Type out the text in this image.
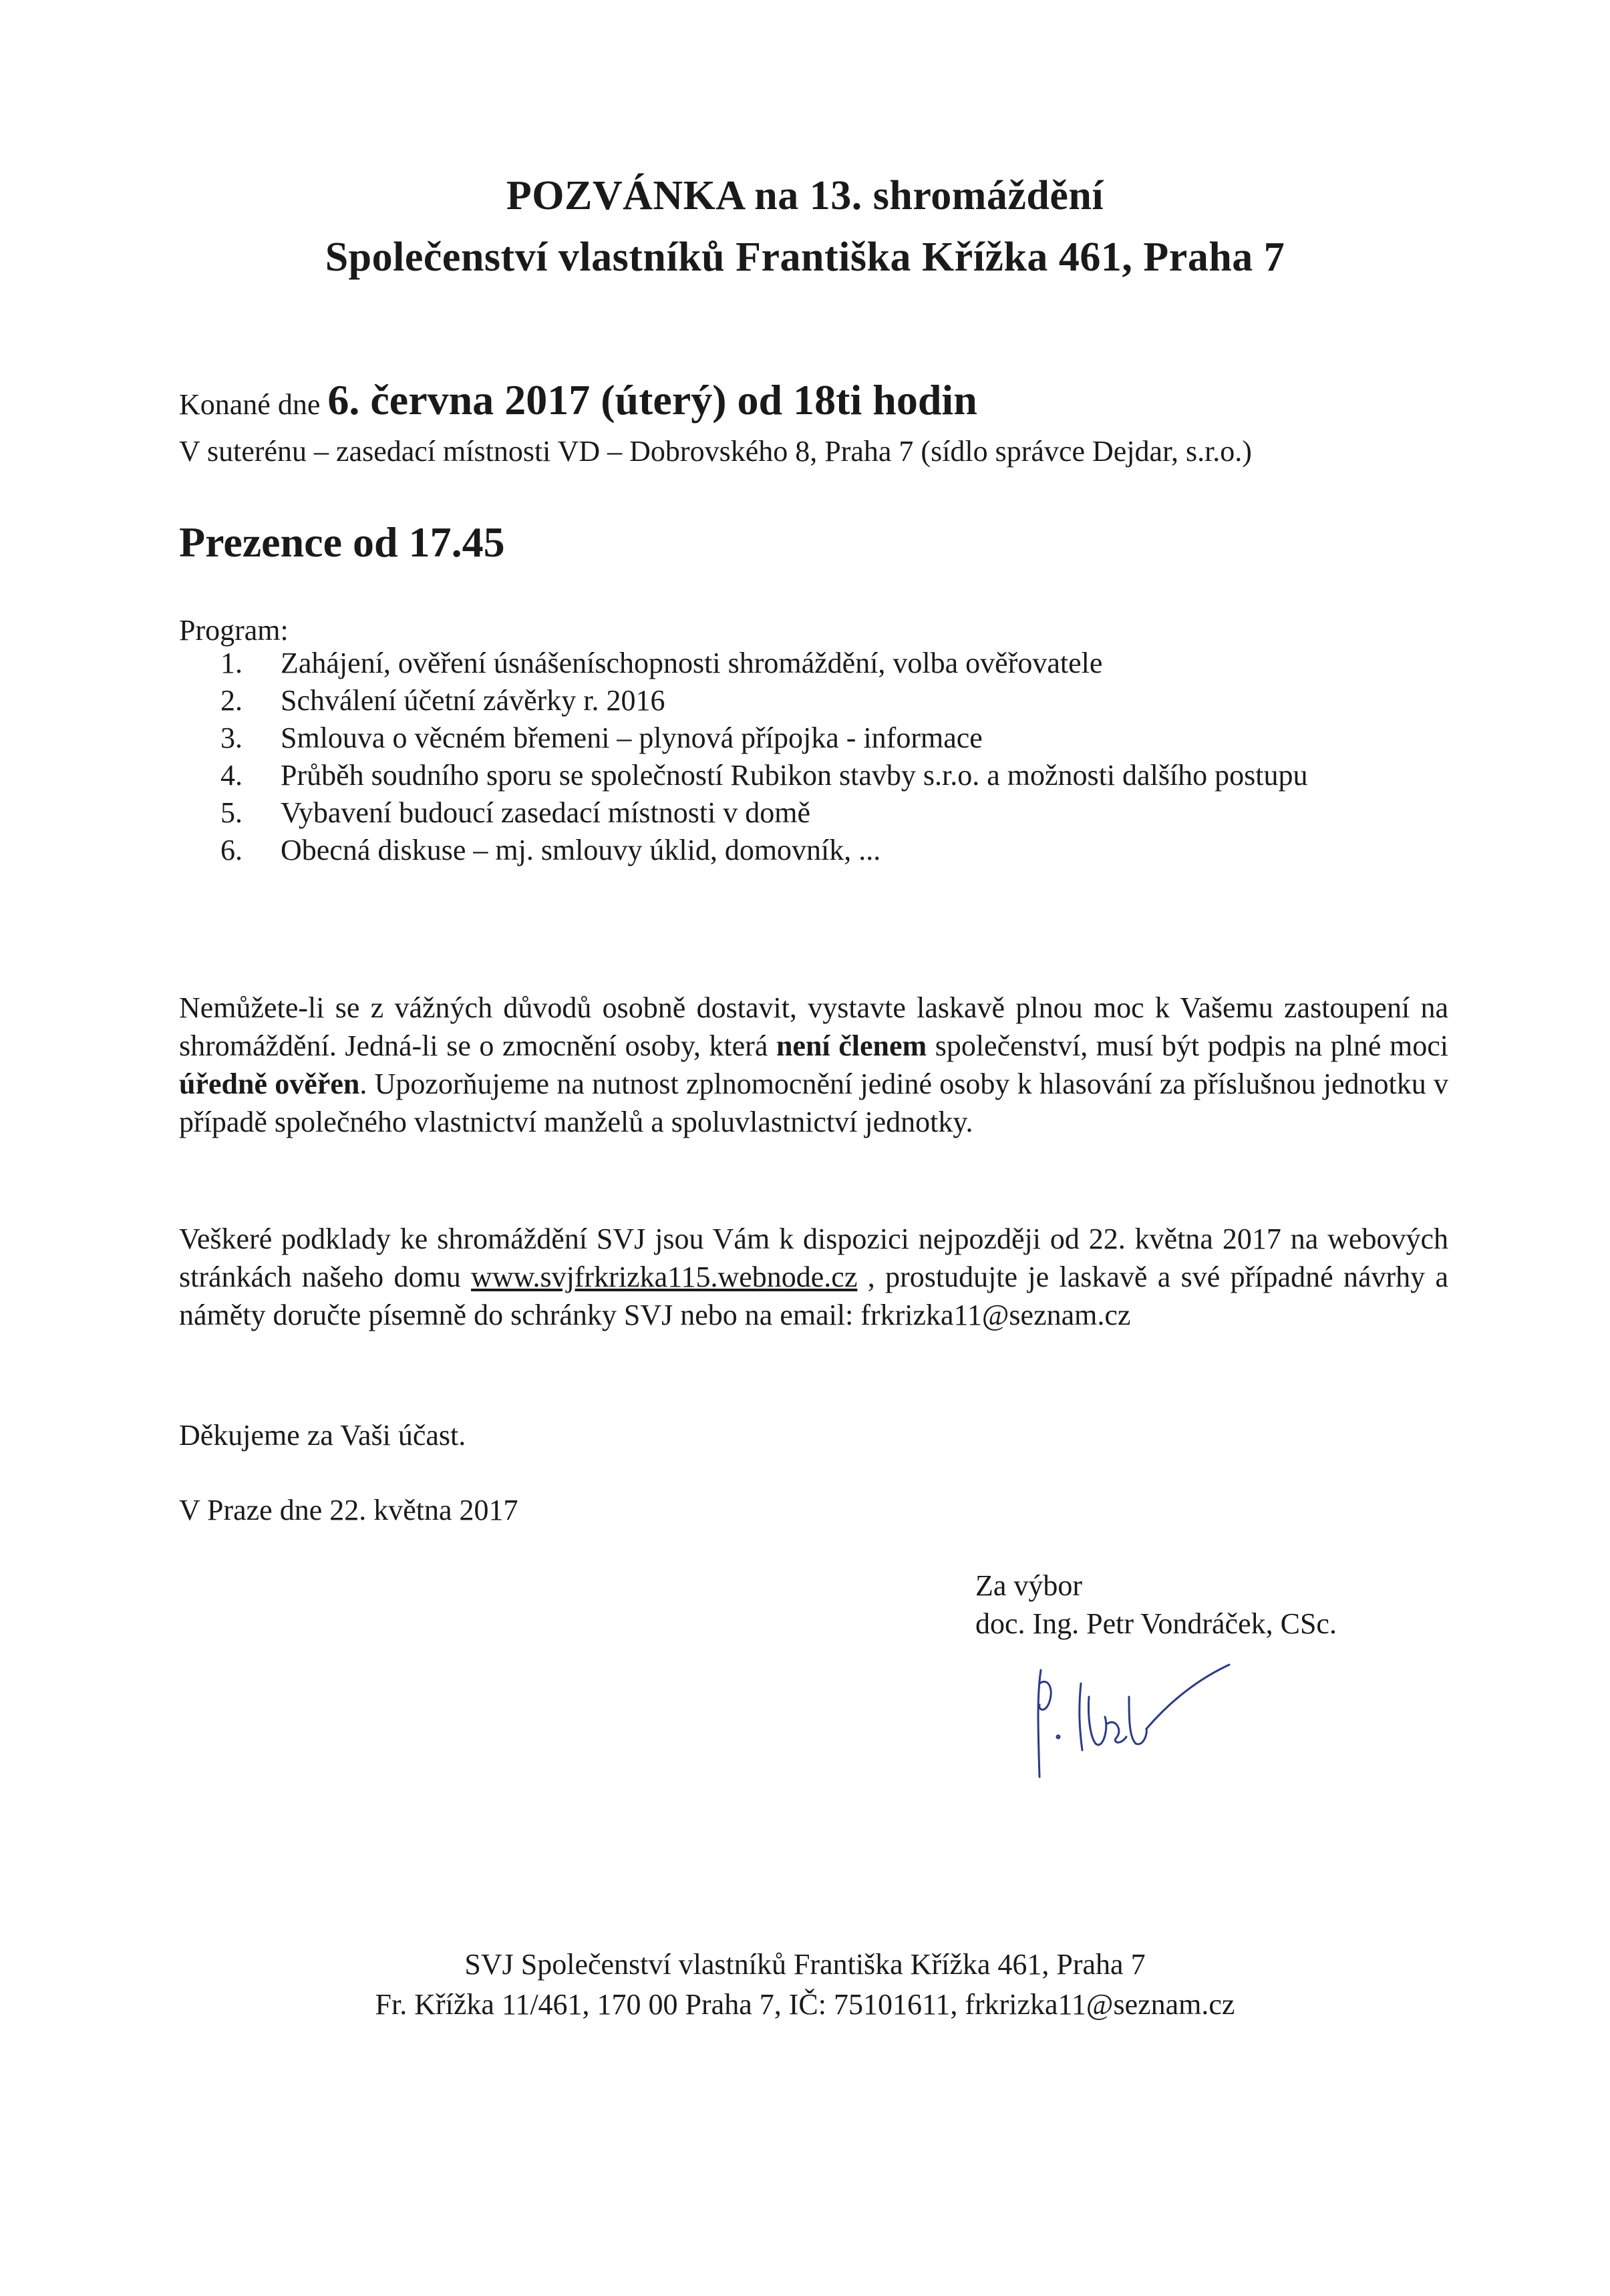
POZVÁNKA na 13. shromáždění
Společenství vlastníků Františka Křížka 461, Praha 7
Konané dne 6. června 2017 (úterý) od 18ti hodin
V suterénu – zasedací místnosti VD – Dobrovského 8, Praha 7 (sídlo správce Dejdar, s.r.o.)
Prezence od 17.45
Program:
1.	Zahájení, ověření úsnášeníschopnosti shromáždění, volba ověřovatele
2.	Schválení účetní závěrky r. 2016
3.	Smlouva o věcném břemeni – plynová přípojka - informace
4.	Průběh soudního sporu se společností Rubikon stavby s.r.o. a možnosti dalšího postupu
5.	Vybavení budoucí zasedací místnosti v domě
6.	Obecná diskuse – mj. smlouvy úklid, domovník, ...
Nemůžete-li se z vážných důvodů osobně dostavit, vystavte laskavě plnou moc k Vašemu zastoupení na shromáždění. Jedná-li se o zmocnění osoby, která není členem společenství, musí být podpis na plné moci úředně ověřen. Upozorňujeme na nutnost zplnomocnění jediné osoby k hlasování za příslušnou jednotku v případě společného vlastnictví manželů a spoluvlastnictví jednotky.
Veškeré podklady ke shromáždění SVJ jsou Vám k dispozici nejpozději od 22. května 2017 na webových stránkách našeho domu www.svjfrkrizka115.webnode.cz , prostudujte je laskavě a své případné návrhy a náměty doručte písemně do schránky SVJ nebo na email: frkrizka11@seznam.cz
Děkujeme za Vaši účast.
V Praze dne 22. května 2017
Za výbor
doc. Ing. Petr Vondráček, CSc.
SVJ Společenství vlastníků Františka Křížka 461, Praha 7
Fr. Křížka 11/461, 170 00 Praha 7, IČ: 75101611, frkrizka11@seznam.cz
